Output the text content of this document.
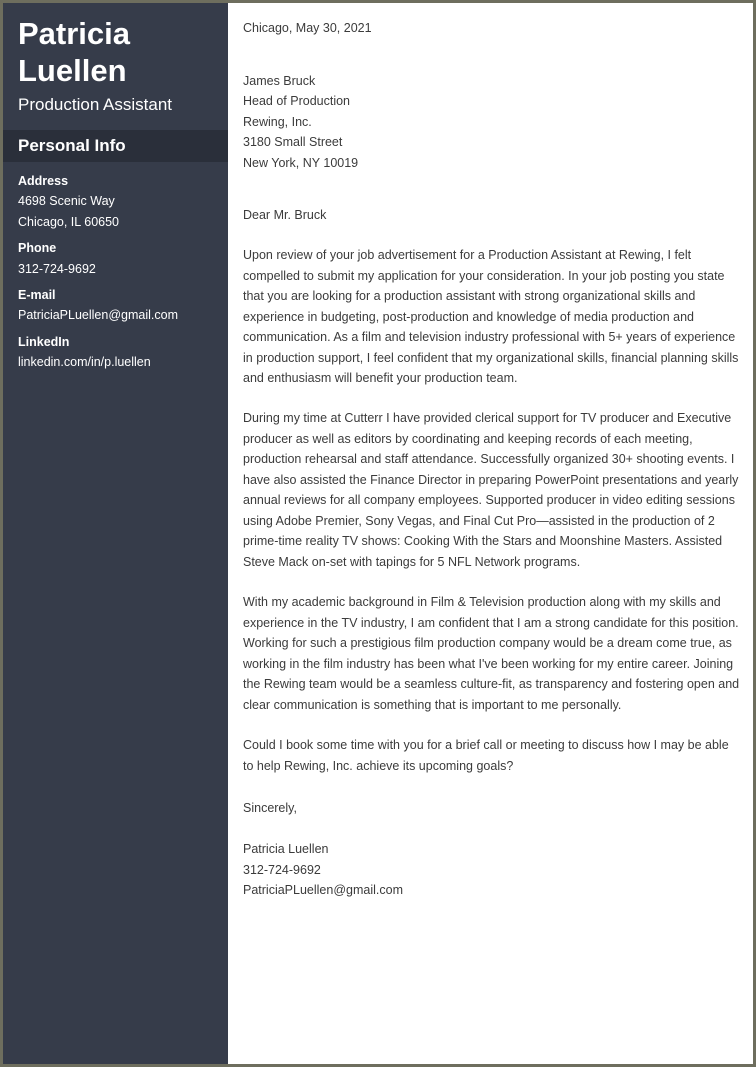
Patricia
Luellen
Production Assistant
Personal Info
Address
4698 Scenic Way
Chicago, IL 60650
Phone
312-724-9692
E-mail
PatriciaPLuellen@gmail.com
LinkedIn
linkedin.com/in/p.luellen
Chicago, May 30, 2021
James Bruck
Head of Production
Rewing, Inc.
3180 Small Street
New York, NY 10019
Dear Mr. Bruck
Upon review of your job advertisement for a Production Assistant at Rewing, I felt compelled to submit my application for your consideration. In your job posting you state that you are looking for a production assistant with strong organizational skills and experience in budgeting, post-production and knowledge of media production and communication. As a film and television industry professional with 5+ years of experience in production support, I feel confident that my organizational skills, financial planning skills and enthusiasm will benefit your production team.
During my time at Cutterr I have provided clerical support for TV producer and Executive producer as well as editors by coordinating and keeping records of each meeting, production rehearsal and staff attendance. Successfully organized 30+ shooting events. I have also assisted the Finance Director in preparing PowerPoint presentations and yearly annual reviews for all company employees. Supported producer in video editing sessions using Adobe Premier, Sony Vegas, and Final Cut Pro—assisted in the production of 2 prime-time reality TV shows: Cooking With the Stars and Moonshine Masters. Assisted Steve Mack on-set with tapings for 5 NFL Network programs.
With my academic background in Film & Television production along with my skills and experience in the TV industry, I am confident that I am a strong candidate for this position. Working for such a prestigious film production company would be a dream come true, as working in the film industry has been what I've been working for my entire career. Joining the Rewing team would be a seamless culture-fit, as transparency and fostering open and clear communication is something that is important to me personally.
Could I book some time with you for a brief call or meeting to discuss how I may be able to help Rewing, Inc. achieve its upcoming goals?
Sincerely,
Patricia Luellen
312-724-9692
PatriciaPLuellen@gmail.com
